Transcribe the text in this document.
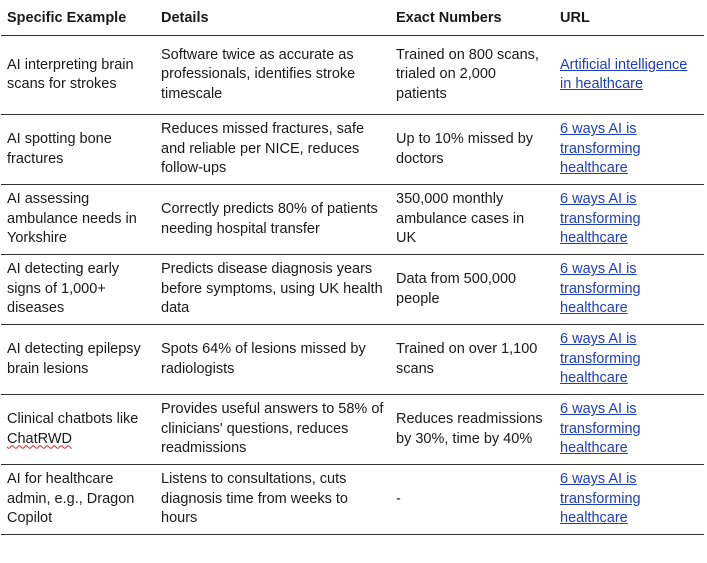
Specific Example	Details	Exact Numbers	URL
AI interpreting brain scans for strokes	Software twice as accurate as professionals, identifies stroke timescale	Trained on 800 scans, trialed on 2,000 patients	Artificial intelligence in healthcare
AI spotting bone fractures	Reduces missed fractures, safe and reliable per NICE, reduces follow-ups	Up to 10% missed by doctors	6 ways AI is transforming healthcare
AI assessing ambulance needs in Yorkshire	Correctly predicts 80% of patients needing hospital transfer	350,000 monthly ambulance cases in UK	6 ways AI is transforming healthcare
AI detecting early signs of 1,000+ diseases	Predicts disease diagnosis years before symptoms, using UK health data	Data from 500,000 people	6 ways AI is transforming healthcare
AI detecting epilepsy brain lesions	Spots 64% of lesions missed by radiologists	Trained on over 1,100 scans	6 ways AI is transforming healthcare
Clinical chatbots like ChatRWD	Provides useful answers to 58% of clinicians' questions, reduces readmissions	Reduces readmissions by 30%, time by 40%	6 ways AI is transforming healthcare
AI for healthcare admin, e.g., Dragon Copilot	Listens to consultations, cuts diagnosis time from weeks to hours	-	6 ways AI is transforming healthcare
